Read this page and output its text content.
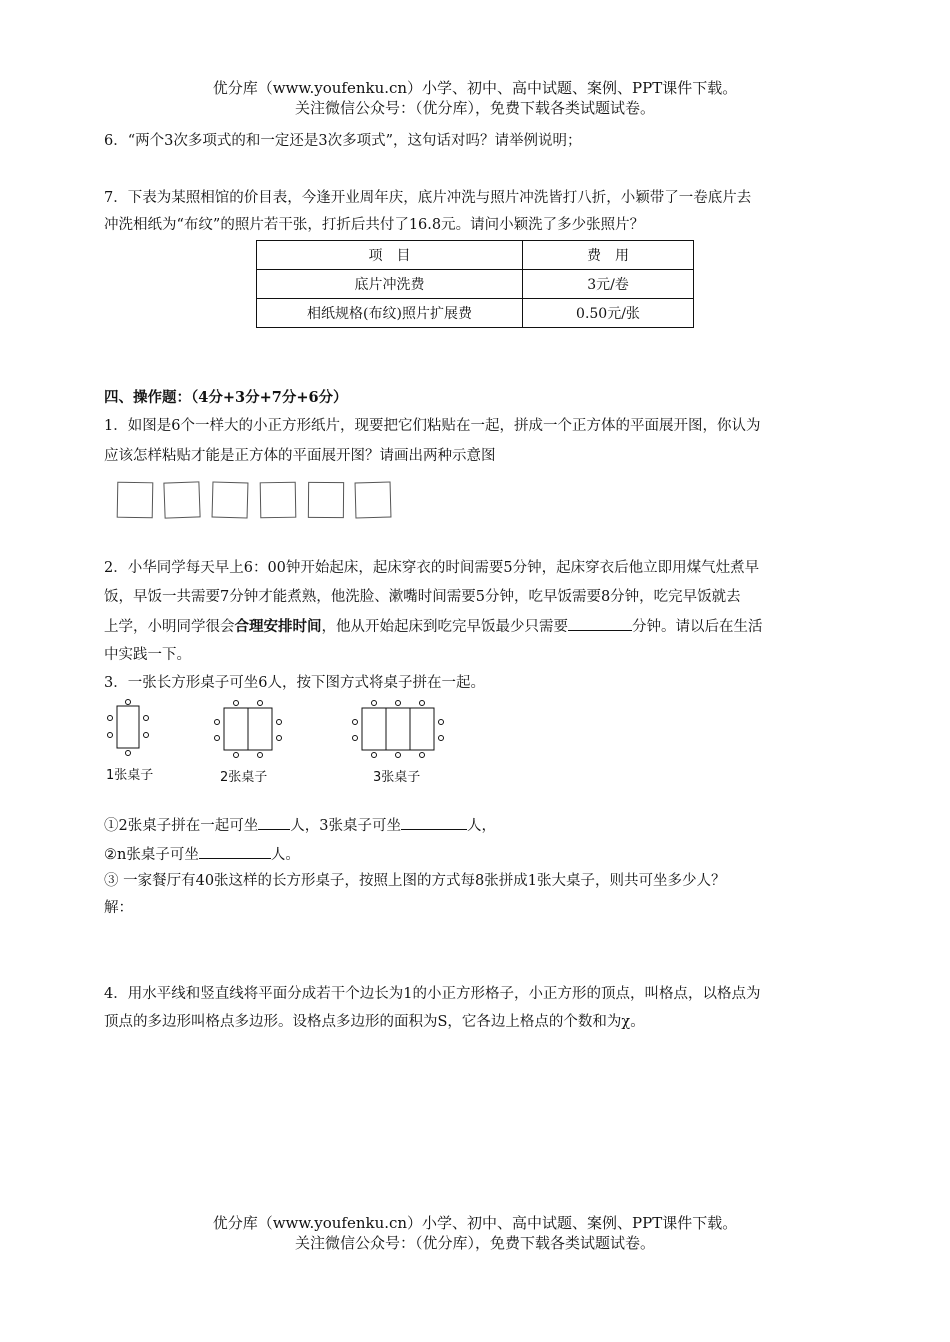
优分库（www.youfenku.cn）小学、初中、高中试题、案例、PPT课件下载。
关注微信公众号：（优分库），免费下载各类试题试卷。
6．“两个3次多项式的和一定还是3次多项式”，这句话对吗？请举例说明；
7．下表为某照相馆的价目表，今逢开业周年庆，底片冲洗与照片冲洗皆打八折，小颖带了一卷底片去
冲洗相纸为“布纹”的照片若干张，打折后共付了16.8元。请问小颖洗了多少张照片？
项　目	费　用
底片冲洗费	3元/卷
相纸规格(布纹)照片扩展费	0.50元/张
四、操作题：（4分+3分+7分+6分）
1．如图是6个一样大的小正方形纸片，现要把它们粘贴在一起，拼成一个正方体的平面展开图，你认为
应该怎样粘贴才能是正方体的平面展开图？请画出两种示意图
2．小华同学每天早上6：00钟开始起床，起床穿衣的时间需要5分钟，起床穿衣后他立即用煤气灶煮早
饭，早饭一共需要7分钟才能煮熟，他洗脸、漱嘴时间需要5分钟，吃早饭需要8分钟，吃完早饭就去
上学，小明同学很会合理安排时间，他从开始起床到吃完早饭最少只需要	分钟。请以后在生活
中实践一下。
3．一张长方形桌子可坐6人，按下图方式将桌子拼在一起。
1张桌子	2张桌子	3张桌子
①2张桌子拼在一起可坐 人，3张桌子可坐	人，
②n张桌子可坐	人。
③ 一家餐厅有40张这样的长方形桌子，按照上图的方式每8张拼成1张大桌子，则共可坐多少人？
解：
4．用水平线和竖直线将平面分成若干个边长为1的小正方形格子，小正方形的顶点，叫格点，以格点为
顶点的多边形叫格点多边形。设格点多边形的面积为S，它各边上格点的个数和为χ。
优分库（www.youfenku.cn）小学、初中、高中试题、案例、PPT课件下载。
关注微信公众号：（优分库），免费下载各类试题试卷。
